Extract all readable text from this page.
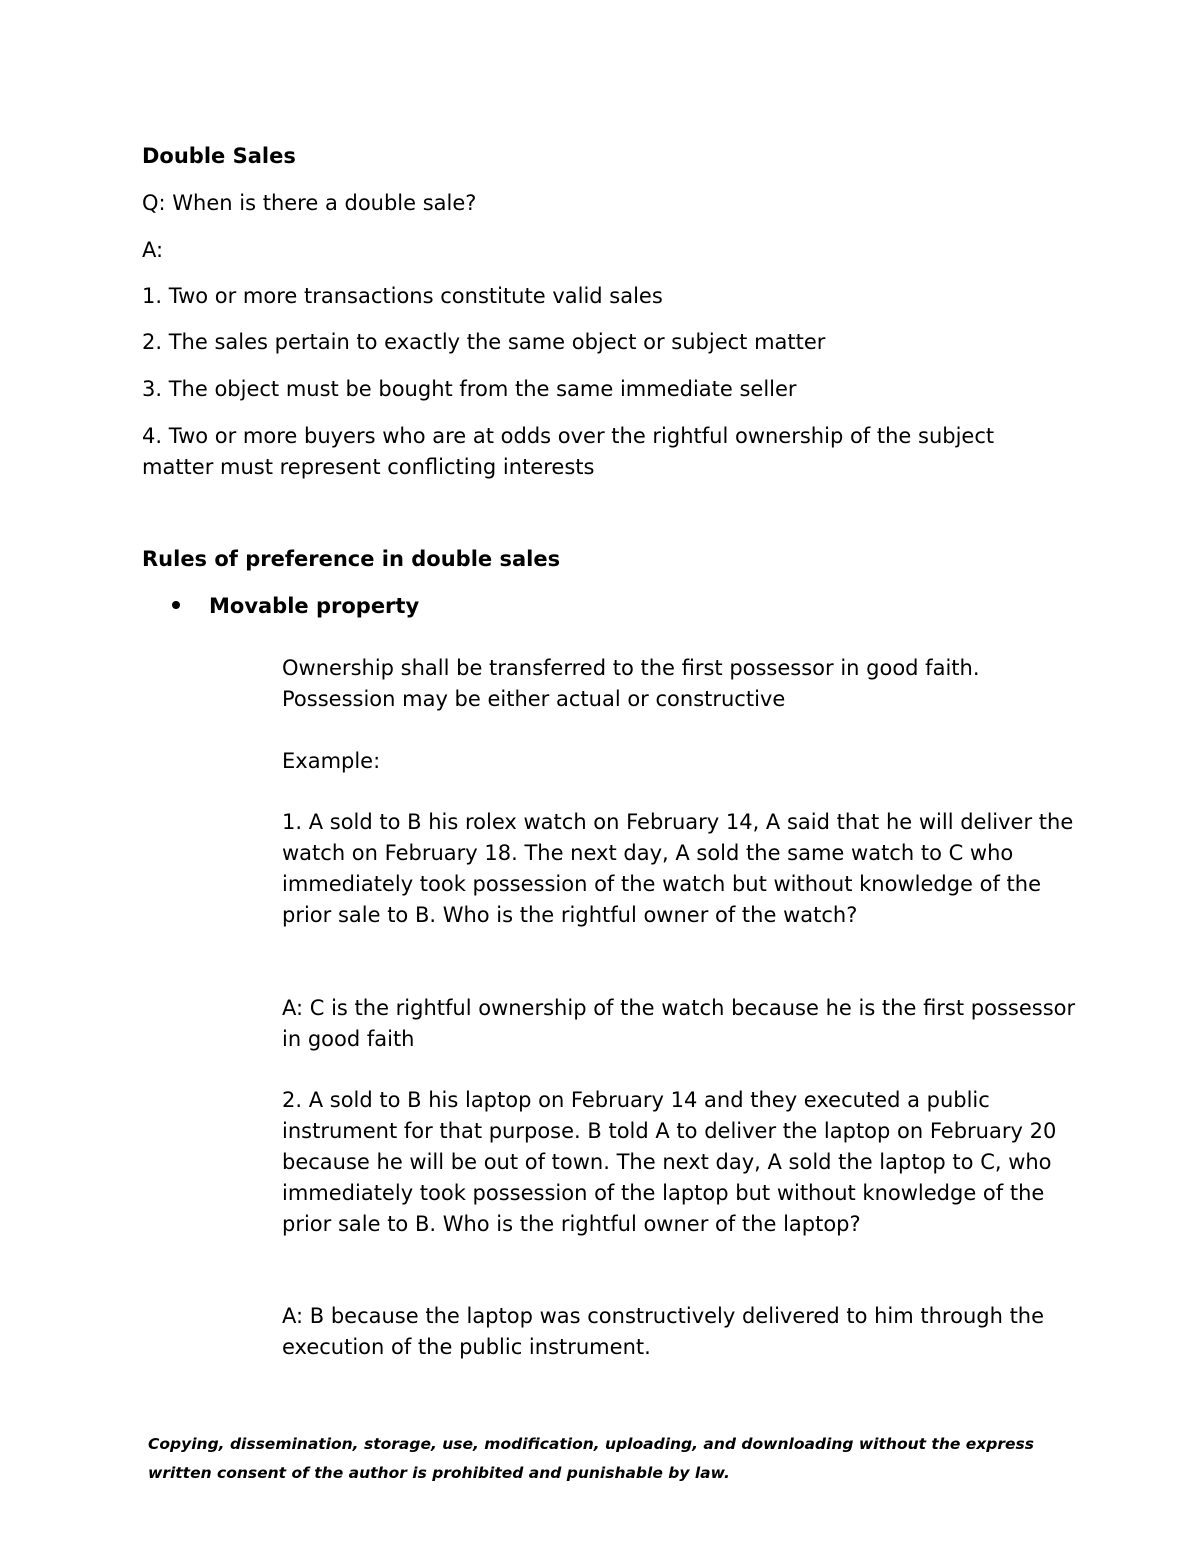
Double Sales

Q: When is there a double sale?

A:

1. Two or more transactions constitute valid sales

2. The sales pertain to exactly the same object or subject matter

3. The object must be bought from the same immediate seller

4. Two or more buyers who are at odds over the rightful ownership of the subject matter must represent conflicting interests

Rules of preference in double sales

Movable property

Ownership shall be transferred to the first possessor in good faith. Possession may be either actual or constructive

Example:

1. A sold to B his rolex watch on February 14, A said that he will deliver the watch on February 18. The next day, A sold the same watch to C who immediately took possession of the watch but without knowledge of the prior sale to B. Who is the rightful owner of the watch?

A: C is the rightful ownership of the watch because he is the first possessor in good faith

2. A sold to B his laptop on February 14 and they executed a public instrument for that purpose. B told A to deliver the laptop on February 20 because he will be out of town. The next day, A sold the laptop to C, who immediately took possession of the laptop but without knowledge of the prior sale to B. Who is the rightful owner of the laptop?

A: B because the laptop was constructively delivered to him through the execution of the public instrument.

Copying, dissemination, storage, use, modification, uploading, and downloading without the express written consent of the author is prohibited and punishable by law.
